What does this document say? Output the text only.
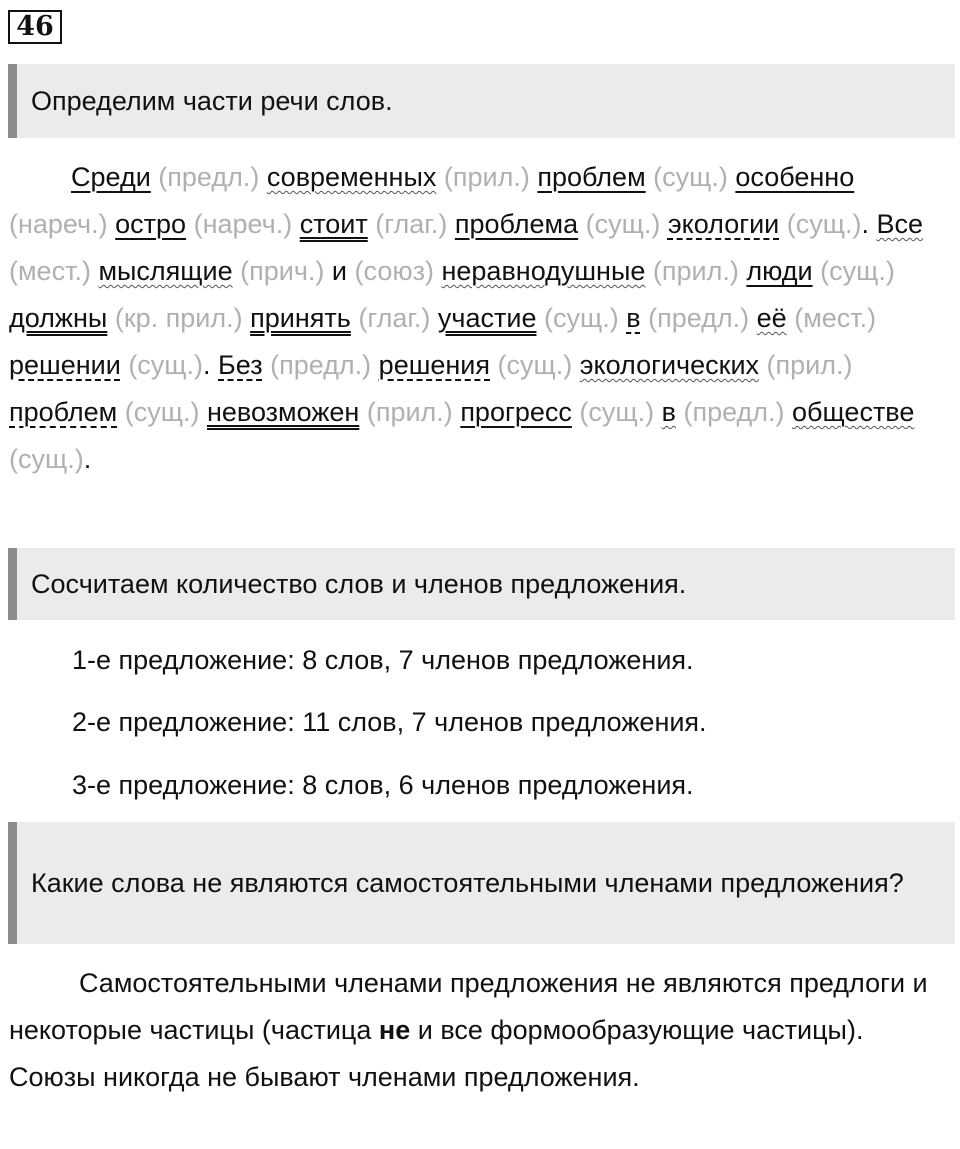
46
Определим части речи слов.

Среди (предл.) современных (прил.) проблем (сущ.) особенно (нареч.) остро (нареч.) стоит (глаг.) проблема (сущ.) экологии (сущ.). Все (мест.) мыслящие (прич.) и (союз) неравнодушные (прил.) люди (сущ.) должны (кр. прил.) принять (глаг.) участие (сущ.) в (предл.) её (мест.) решении (сущ.). Без (предл.) решения (сущ.) экологических (прил.) проблем (сущ.) невозможен (прил.) прогресс (сущ.) в (предл.) обществе (сущ.).

Сосчитаем количество слов и членов предложения.

1-е предложение: 8 слов, 7 членов предложения.

2-е предложение: 11 слов, 7 членов предложения.

3-е предложение: 8 слов, 6 членов предложения.

Какие слова не являются самостоятельными членами предложения?

Самостоятельными членами предложения не являются предлоги и некоторые частицы (частица не и все формообразующие частицы). Союзы никогда не бывают членами предложения.
